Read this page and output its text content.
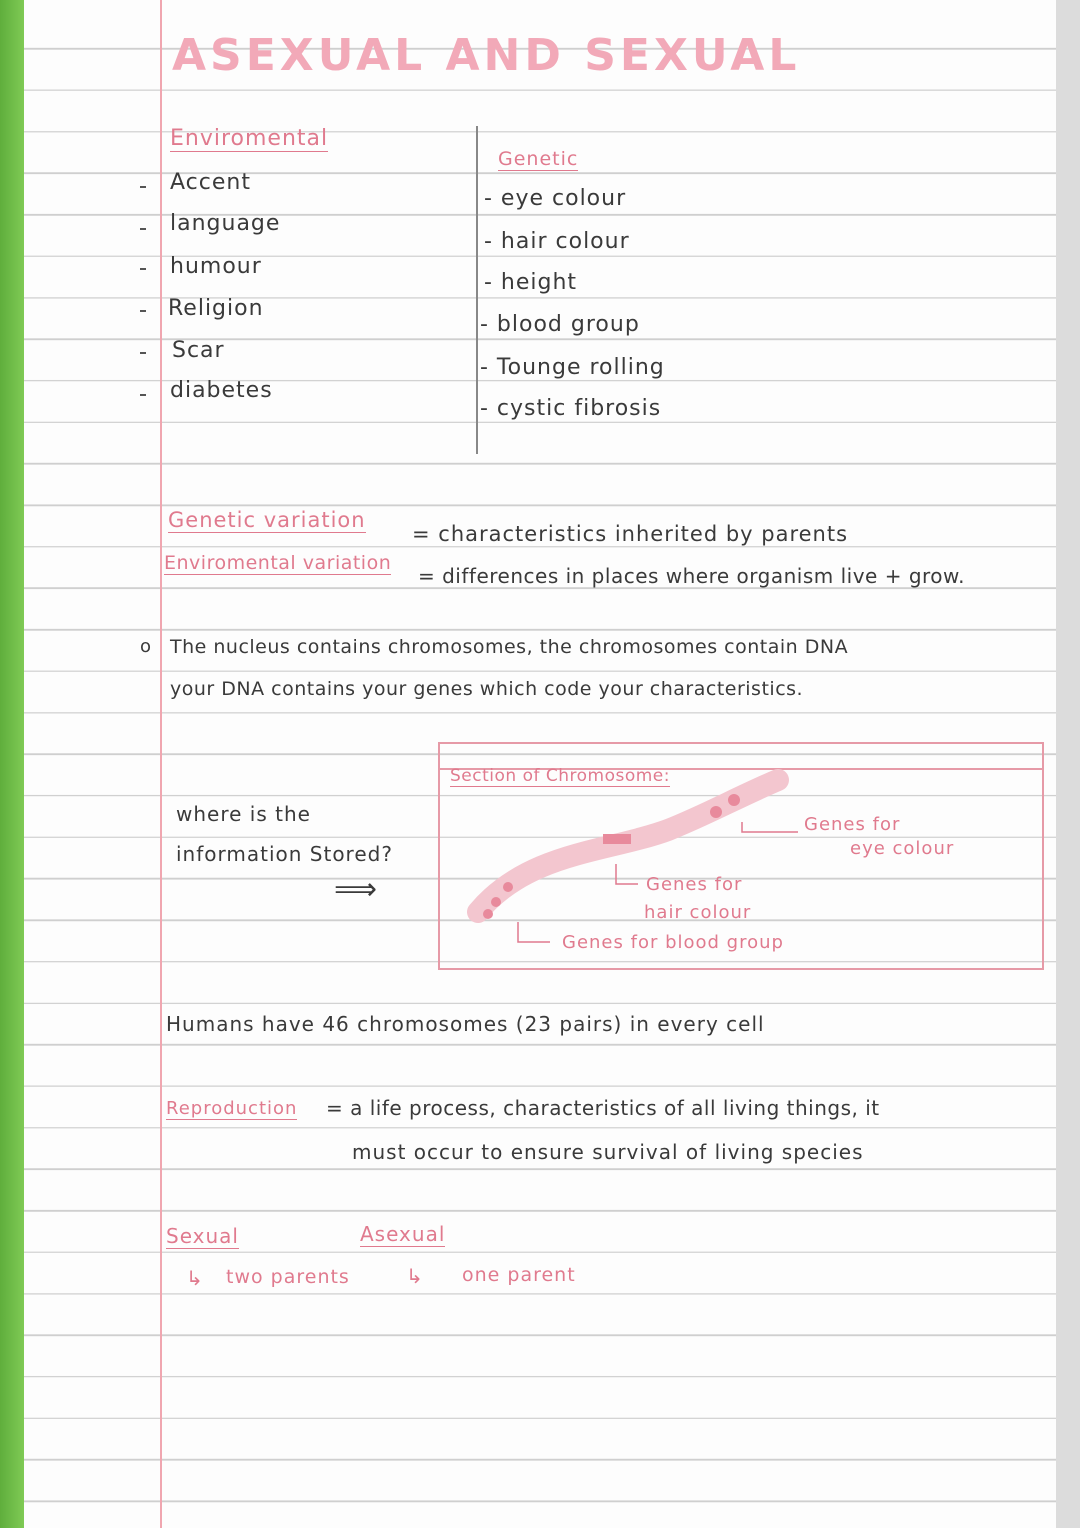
ASEXUAL AND SEXUAL
Enviromental
Accent
language
humour
Religion
Scar
diabetes
Genetic
- eye colour
- hair colour
- height
- blood group
- Tounge rolling
- cystic fibrosis
Genetic variation
= characteristics inherited by parents
Enviromental variation
= differences in places where organism live + grow.
o The nucleus contains chromosomes, the chromosomes contain DNA
your DNA contains your genes which code your characteristics.
where is the
information Stored?
⟹
Section of Chromosome:
Genes for
eye colour
Genes for
hair colour
Genes for blood group
Humans have 46 chromosomes (23 pairs) in every cell
Reproduction = a life process, characteristics of all living things, it
must occur to ensure survival of living species
Sexual
↳ two parents
Asexual
↳ one parent
